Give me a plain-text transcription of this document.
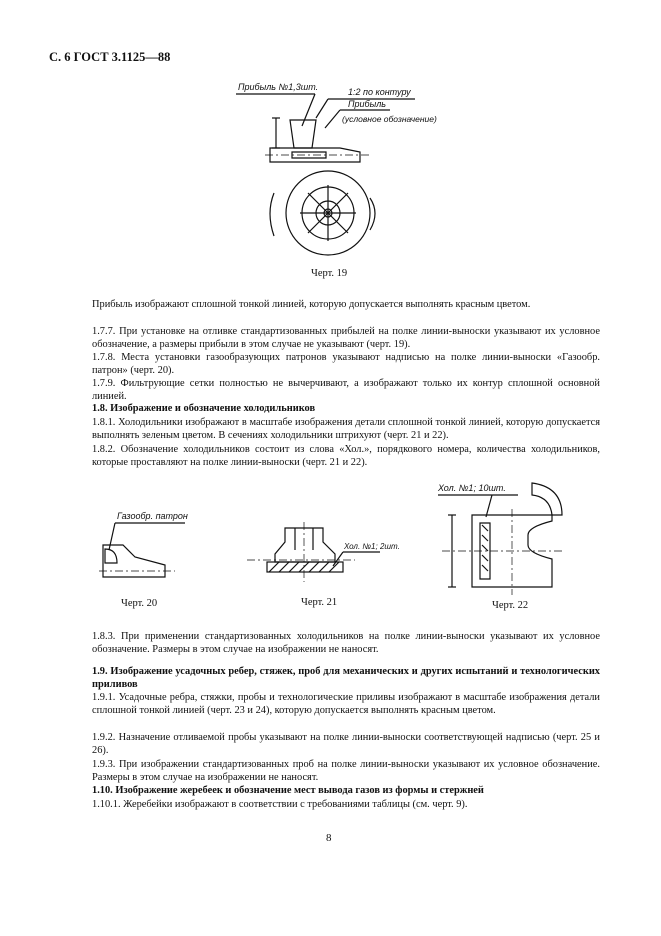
С. 6 ГОСТ 3.1125—88
Прибыль №1,3шт.	1:2 по контуру
Прибыль
(условное обозначение)
Черт. 19
Прибыль изображают сплошной тонкой линией, которую допускается выполнять красным цветом.
1.7.7. При установке на отливке стандартизованных прибылей на полке линии-выноски указывают их условное обозначение, а размеры прибыли в этом случае не указывают (черт. 19).
1.7.8. Места установки газообразующих патронов указывают надписью на полке линии-выноски «Газообр. патрон» (черт. 20).
1.7.9. Фильтрующие сетки полностью не вычерчивают, а изображают только их контур сплошной основной линией.
1.8. Изображение и обозначение холодильников
1.8.1. Холодильники изображают в масштабе изображения детали сплошной тонкой линией, которую допускается выполнять зеленым цветом. В сечениях холодильники штрихуют (черт. 21 и 22).
1.8.2. Обозначение холодильников состоит из слова «Хол.», порядкового номера, количества холодильников, которые проставляют на полке линии-выноски (черт. 21 и 22).
Газообр. патрон
Черт. 20
Хол. №1; 2шт.
Черт. 21
Хол. №1; 10шт.
Черт. 22
1.8.3. При применении стандартизованных холодильников на полке линии-выноски указывают их условное обозначение. Размеры в этом случае на изображении не наносят.
1.9. Изображение усадочных ребер, стяжек, проб для механических и других испытаний и технологических приливов
1.9.1. Усадочные ребра, стяжки, пробы и технологические приливы изображают в масштабе изображения детали сплошной тонкой линией (черт. 23 и 24), которую допускается выполнять красным цветом.
1.9.2. Назначение отливаемой пробы указывают на полке линии-выноски соответствующей надписью (черт. 25 и 26).
1.9.3. При изображении стандартизованных проб на полке линии-выноски указывают их условное обозначение. Размеры в этом случае на изображении не наносят.
1.10. Изображение жеребеек и обозначение мест вывода газов из формы и стержней
1.10.1. Жеребейки изображают в соответствии с требованиями таблицы (см. черт. 9).
8
